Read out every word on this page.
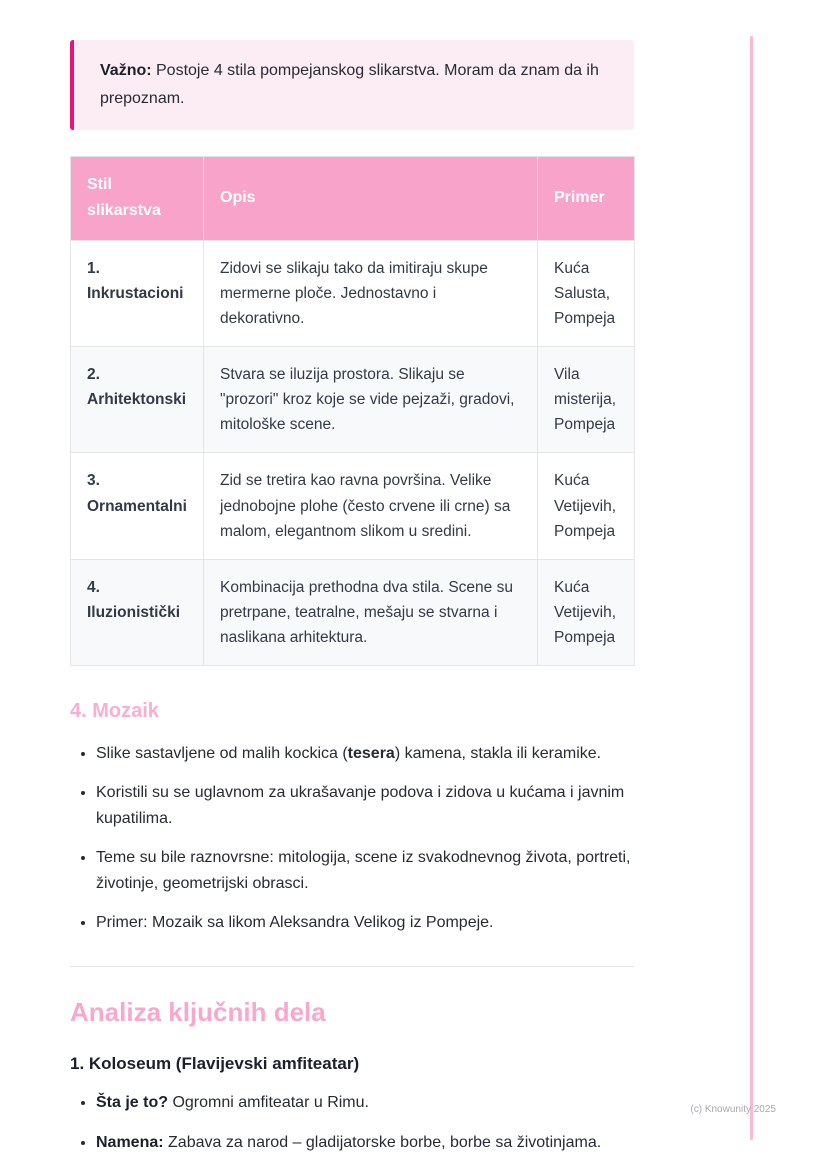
Važno: Postoje 4 stila pompejanskog slikarstva. Moram da znam da ih prepoznam.
Stil slikarstva	Opis	Primer

1.
Inkrustacioni	Zidovi se slikaju tako da imitiraju skupe mermerne ploče. Jednostavno i dekorativno.	Kuća Salusta, Pompeja

2.
Arhitektonski	Stvara se iluzija prostora. Slikaju se "prozori" kroz koje se vide pejzaži, gradovi, mitološke scene.	Vila misterija, Pompeja

3.
Ornamentalni	Zid se tretira kao ravna površina. Velike jednobojne plohe (često crvene ili crne) sa malom, elegantnom slikom u sredini.	Kuća Vetijevih, Pompeja

4.
Iluzionistički	Kombinacija prethodna dva stila. Scene su pretrpane, teatralne, mešaju se stvarna i naslikana arhitektura.	Kuća Vetijevih, Pompeja
4. Mozaik
• Slike sastavljene od malih kockica (tesera) kamena, stakla ili keramike.
• Koristili su se uglavnom za ukrašavanje podova i zidova u kućama i javnim kupatilima.
• Teme su bile raznovrsne: mitologija, scene iz svakodnevnog života, portreti, životinje, geometrijski obrasci.
• Primer: Mozaik sa likom Aleksandra Velikog iz Pompeje.
Analiza ključnih dela
1. Koloseum (Flavijevski amfiteatar)
• Šta je to? Ogromni amfiteatar u Rimu.
• Namena: Zabava za narod – gladijatorske borbe, borbe sa životinjama.
(c) Knowunity 2025
